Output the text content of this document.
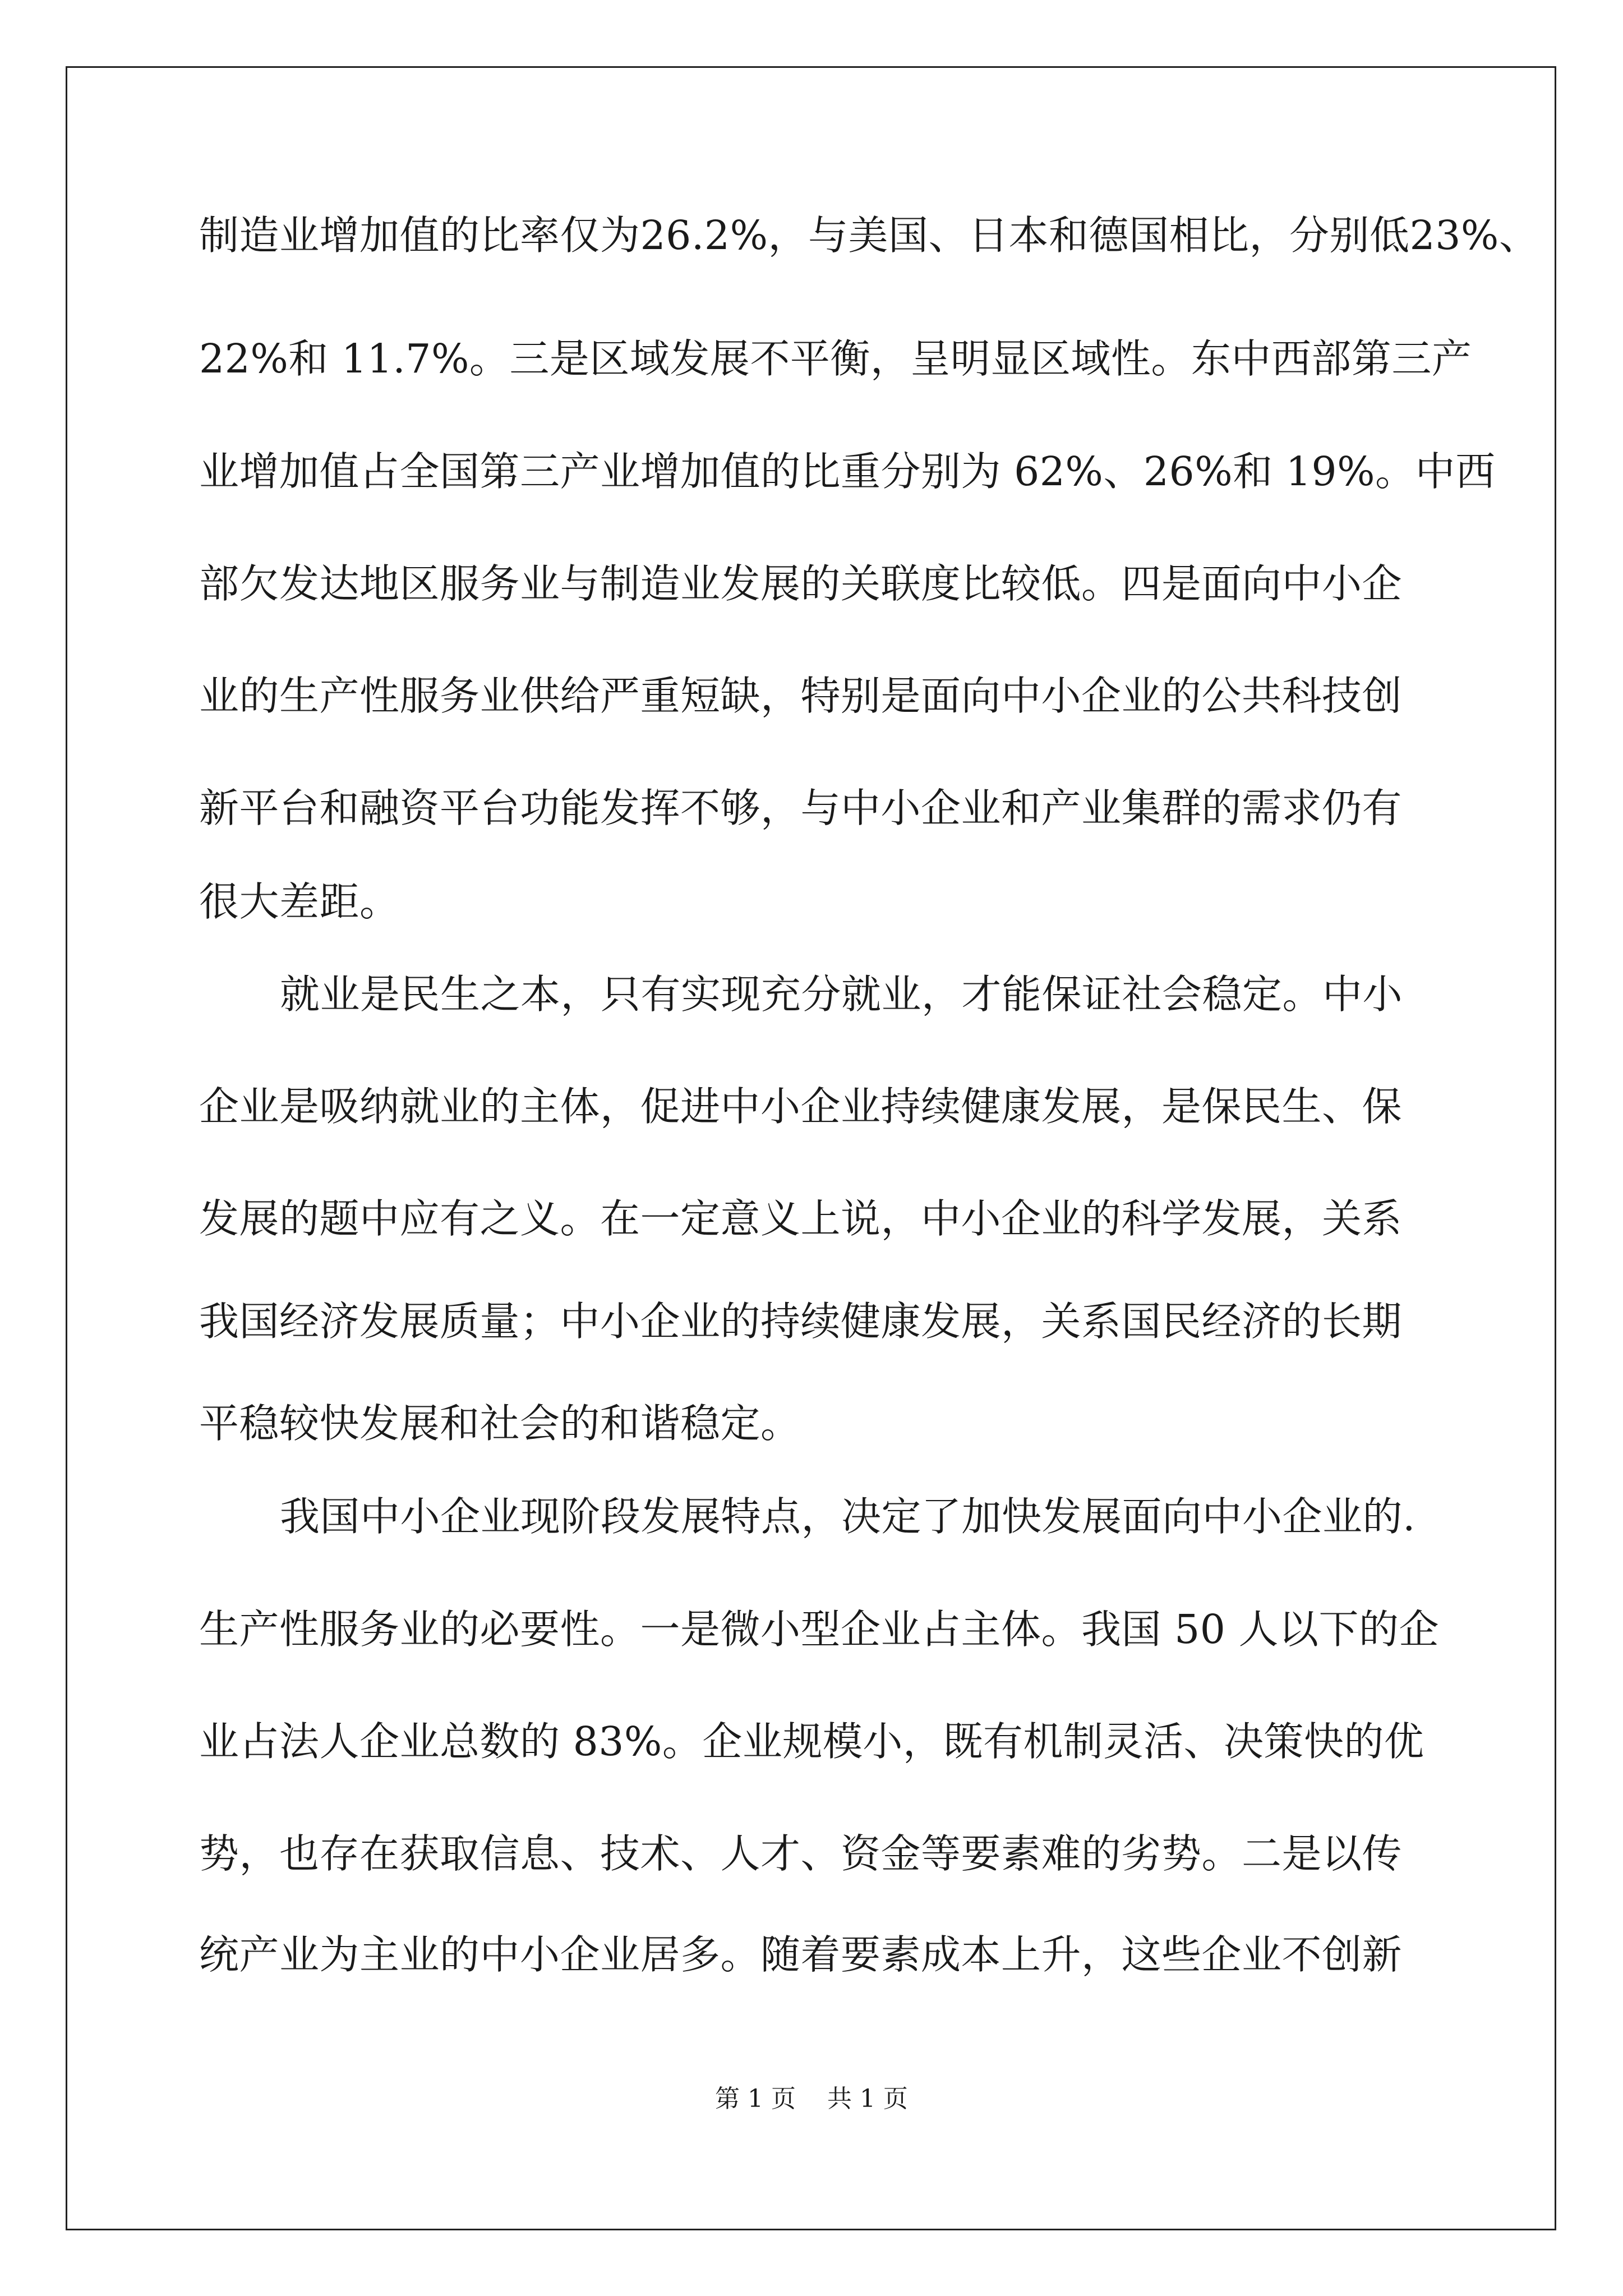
制造业增加值的比率仅为26.2%，与美国、日本和德国相比，分别低23%、
22%和 11.7%。三是区域发展不平衡，呈明显区域性。东中西部第三产
业增加值占全国第三产业增加值的比重分别为 62%、26%和 19%。中西
部欠发达地区服务业与制造业发展的关联度比较低。四是面向中小企
业的生产性服务业供给严重短缺，特别是面向中小企业的公共科技创
新平台和融资平台功能发挥不够，与中小企业和产业集群的需求仍有
很大差距。
就业是民生之本，只有实现充分就业，才能保证社会稳定。中小
企业是吸纳就业的主体，促进中小企业持续健康发展，是保民生、保
发展的题中应有之义。在一定意义上说，中小企业的科学发展，关系
我国经济发展质量；中小企业的持续健康发展，关系国民经济的长期
平稳较快发展和社会的和谐稳定。
我国中小企业现阶段发展特点，决定了加快发展面向中小企业的.
生产性服务业的必要性。一是微小型企业占主体。我国 50 人以下的企
业占法人企业总数的 83%。企业规模小，既有机制灵活、决策快的优
势，也存在获取信息、技术、人才、资金等要素难的劣势。二是以传
统产业为主业的中小企业居多。随着要素成本上升，这些企业不创新
第 1 页    共 1 页
